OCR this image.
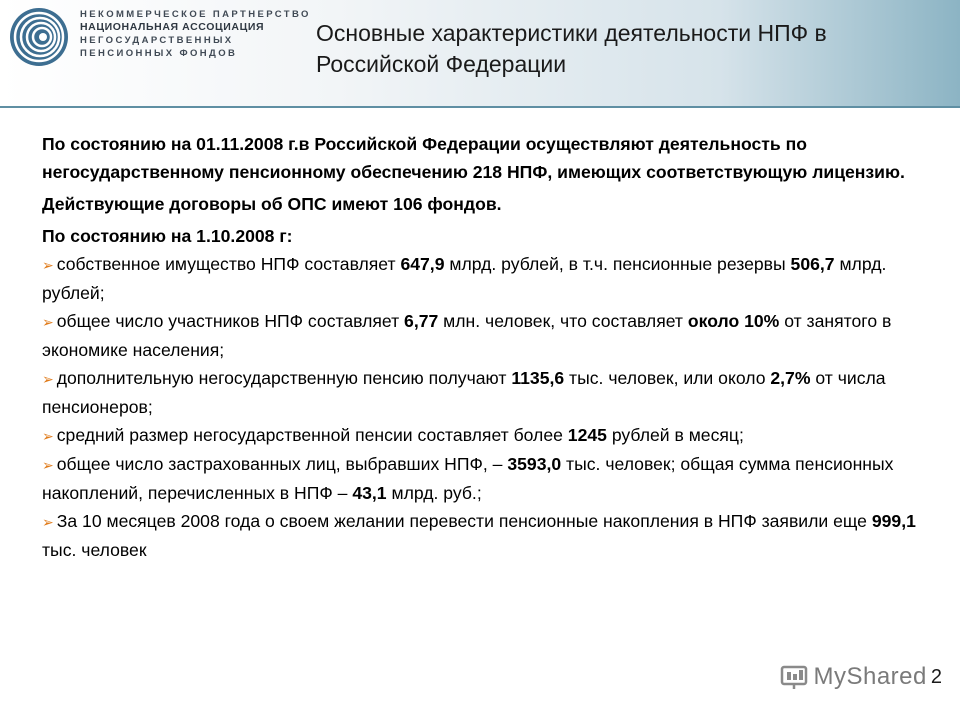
НЕКОММЕРЧЕСКОЕ ПАРТНЕРСТВО
НАЦИОНАЛЬНАЯ АССОЦИАЦИЯ
НЕГОСУДАРСТВЕННЫХ
ПЕНСИОННЫХ ФОНДОВ
Основные характеристики деятельности НПФ в Российской Федерации

По состоянию на 01.11.2008 г.в Российской Федерации осуществляют деятельность по негосударственному пенсионному обеспечению 218 НПФ, имеющих соответствующую лицензию.

Действующие договоры об ОПС имеют 106 фондов.

По состоянию на 1.10.2008 г:

➢ собственное имущество НПФ составляет 647,9 млрд. рублей, в т.ч. пенсионные резервы 506,7 млрд. рублей;

➢ общее число участников НПФ составляет 6,77 млн. человек, что составляет около 10% от занятого в экономике населения;

➢ дополнительную негосударственную пенсию получают 1135,6 тыс. человек, или около 2,7% от числа пенсионеров;

➢ средний размер негосударственной пенсии составляет более 1245 рублей в месяц;

➢ общее число застрахованных лиц, выбравших НПФ, – 3593,0 тыс. человек; общая сумма пенсионных накоплений, перечисленных в НПФ – 43,1 млрд. руб.;

➢ За 10 месяцев 2008 года о своем желании перевести пенсионные накопления в НПФ заявили еще 999,1 тыс. человек

MyShared 2
